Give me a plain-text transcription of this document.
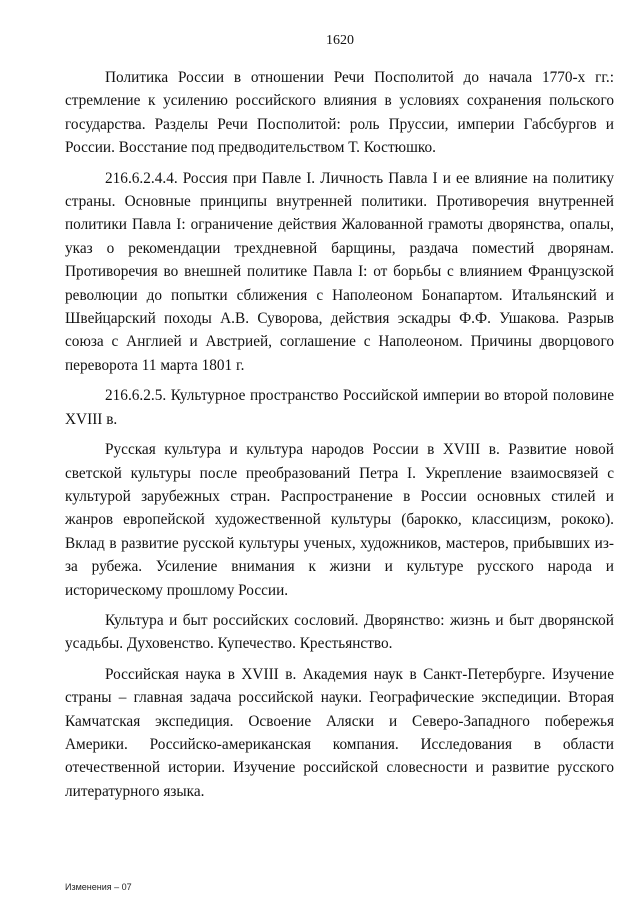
1620

Политика России в отношении Речи Посполитой до начала 1770-х гг.: стремление к усилению российского влияния в условиях сохранения польского государства. Разделы Речи Посполитой: роль Пруссии, империи Габсбургов и России. Восстание под предводительством Т. Костюшко.

216.6.2.4.4. Россия при Павле I. Личность Павла I и ее влияние на политику страны. Основные принципы внутренней политики. Противоречия внутренней политики Павла I: ограничение действия Жалованной грамоты дворянства, опалы, указ о рекомендации трехдневной барщины, раздача поместий дворянам. Противоречия во внешней политике Павла I: от борьбы с влиянием Французской революции до попытки сближения с Наполеоном Бонапартом. Итальянский и Швейцарский походы А.В. Суворова, действия эскадры Ф.Ф. Ушакова. Разрыв союза с Англией и Австрией, соглашение с Наполеоном. Причины дворцового переворота 11 марта 1801 г.

216.6.2.5. Культурное пространство Российской империи во второй половине XVIII в.

Русская культура и культура народов России в XVIII в. Развитие новой светской культуры после преобразований Петра I. Укрепление взаимосвязей с культурой зарубежных стран. Распространение в России основных стилей и жанров европейской художественной культуры (барокко, классицизм, рококо). Вклад в развитие русской культуры ученых, художников, мастеров, прибывших из-за рубежа. Усиление внимания к жизни и культуре русского народа и историческому прошлому России.

Культура и быт российских сословий. Дворянство: жизнь и быт дворянской усадьбы. Духовенство. Купечество. Крестьянство.

Российская наука в XVIII в. Академия наук в Санкт-Петербурге. Изучение страны – главная задача российской науки. Географические экспедиции. Вторая Камчатская экспедиция. Освоение Аляски и Северо-Западного побережья Америки. Российско-американская компания. Исследования в области отечественной истории. Изучение российской словесности и развитие русского литературного языка.

Изменения – 07
